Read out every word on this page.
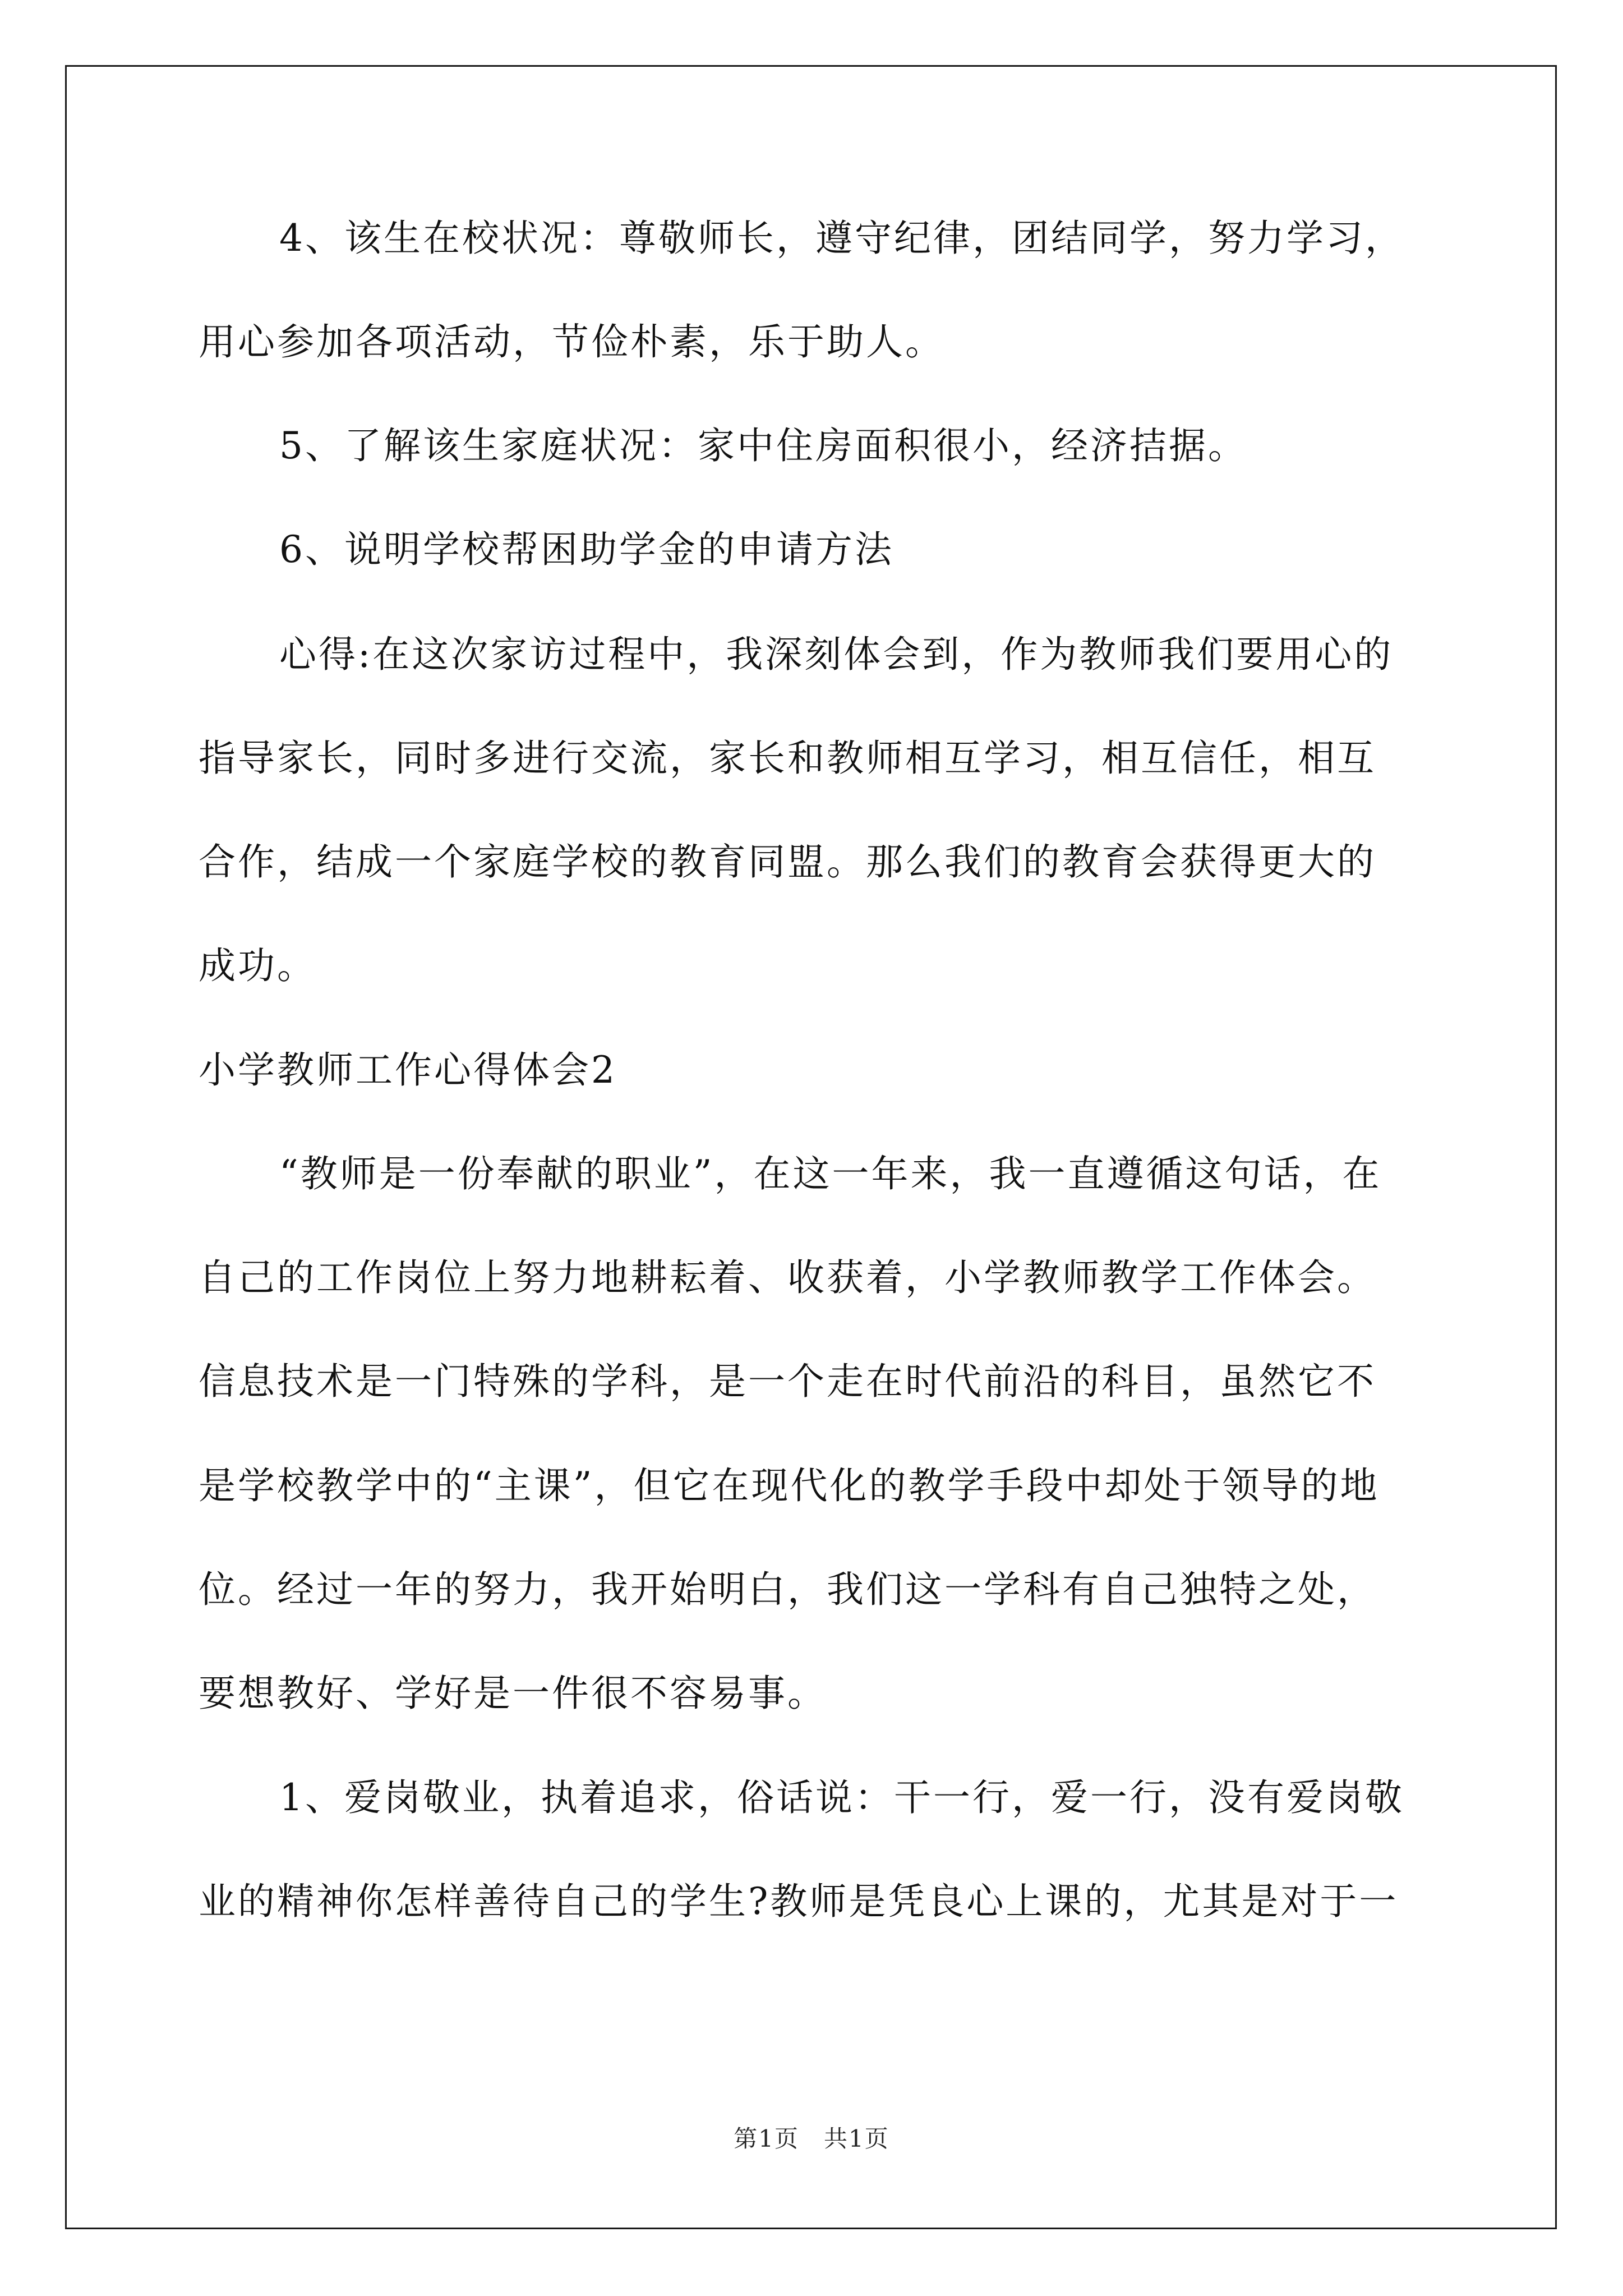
4、该生在校状况：尊敬师长，遵守纪律，团结同学，努力学习，
用心参加各项活动，节俭朴素，乐于助人。
5、了解该生家庭状况：家中住房面积很小，经济拮据。
6、说明学校帮困助学金的申请方法
心得:在这次家访过程中，我深刻体会到，作为教师我们要用心的
指导家长，同时多进行交流，家长和教师相互学习，相互信任，相互
合作，结成一个家庭学校的教育同盟。那么我们的教育会获得更大的
成功。
小学教师工作心得体会2
“教师是一份奉献的职业”，在这一年来，我一直遵循这句话，在
自己的工作岗位上努力地耕耘着、收获着，小学教师教学工作体会。
信息技术是一门特殊的学科，是一个走在时代前沿的科目，虽然它不
是学校教学中的“主课”，但它在现代化的教学手段中却处于领导的地
位。经过一年的努力，我开始明白，我们这一学科有自己独特之处，
要想教好、学好是一件很不容易事。
1、爱岗敬业，执着追求，俗话说：干一行，爱一行，没有爱岗敬
业的精神你怎样善待自己的学生?教师是凭良心上课的，尤其是对于一
第1页　共1页
